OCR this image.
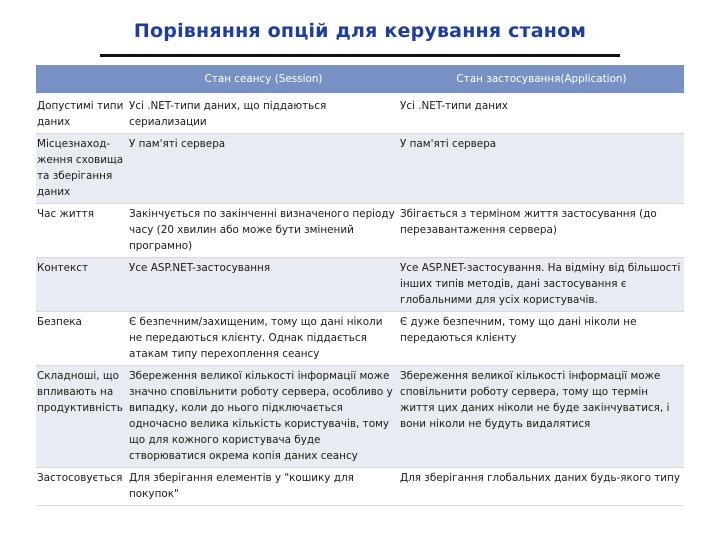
Порівняння опцій для керування станом
	Стан сеансу (Session)	Стан застосування(Application)
Допустимі типи даних	Усі .NET-типи даних, що піддаються сериализации	Усі .NET-типи даних
Місцезнаход-ження сховища та зберігання даних	У пам'яті сервера	У пам'яті сервера
Час життя	Закінчується по закінченні визначеного періоду часу (20 хвилин або може бути змінений програмно)	Збігається з терміном життя застосування (до перезавантаження сервера)
Контекст	Усе ASP.NET-застосування	Усе ASP.NET-застосування. На відміну від більшості інших типів методів, дані застосування є глобальними для усіх користувачів.
Безпека	Є безпечним/захищеним, тому що дані ніколи не передаються клієнту. Однак піддається атакам типу перехоплення сеансу	Є дуже безпечним, тому що дані ніколи не передаються клієнту
Складноші, що впливають на продуктивність	Збереження великої кількості інформації може значно сповільнити роботу сервера, особливо у випадку, коли до нього підключається одночасно велика кількість користувачів, тому що для кожного користувача буде створюватися окрема копія даних сеансу	Збереження великої кількості інформації може сповільнити роботу сервера, тому що термін життя цих даних ніколи не буде закінчуватися, і вони ніколи не будуть видалятися
Застосовується	Для зберігання елементів у "кошику для покупок"	Для зберігання глобальних даних будь-якого типу
